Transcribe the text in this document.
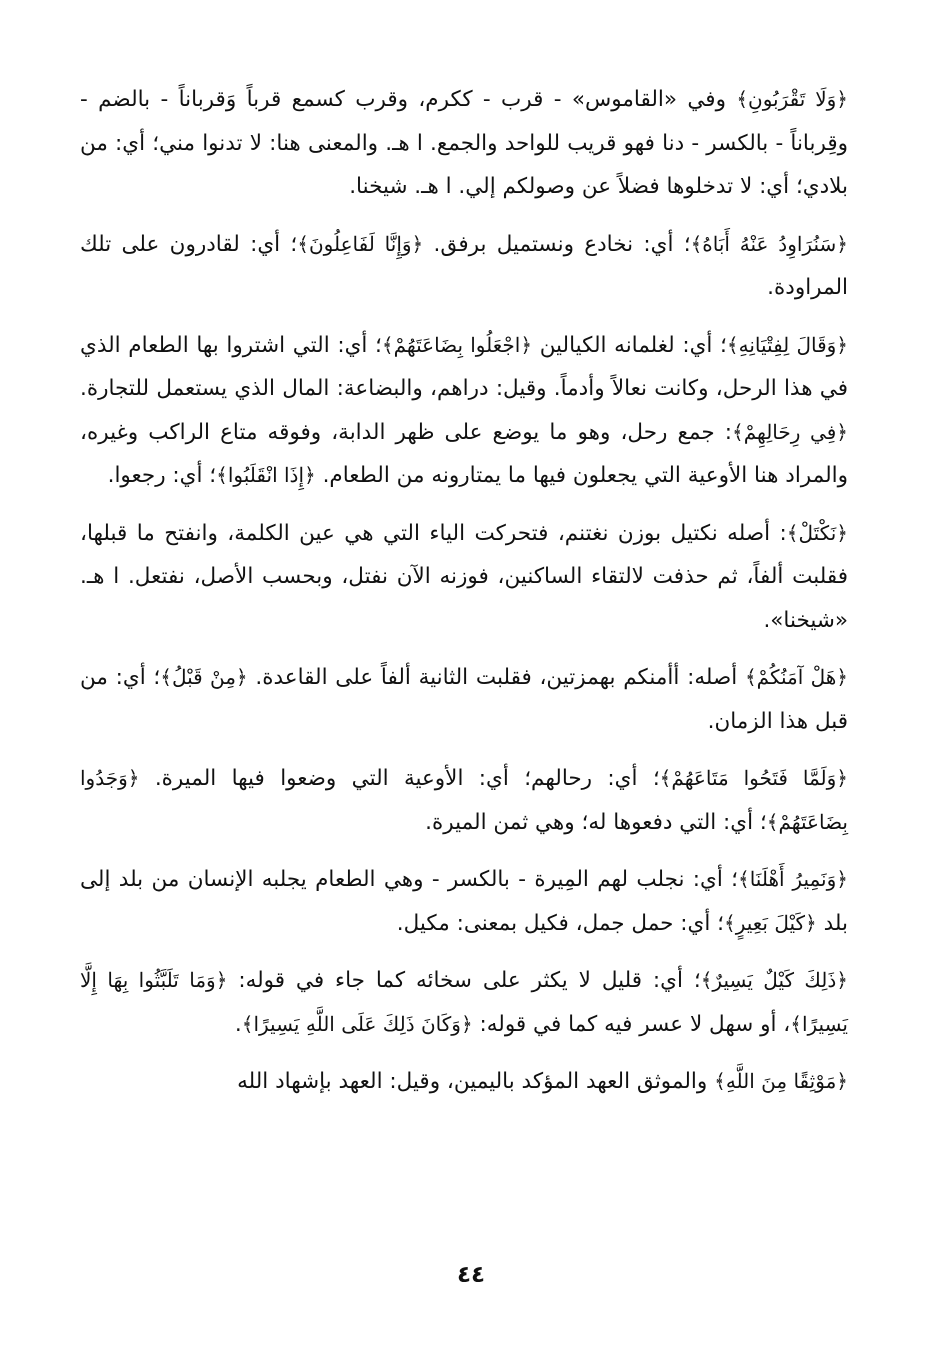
﴿وَلَا تَقْرَبُونِ﴾ وفي «القاموس» - قرب - ككرم، وقرب كسمع قرباً وَقرباناً - بالضم - وقِرباناً - بالكسر - دنا فهو قريب للواحد والجمع. ا هـ. والمعنى هنا: لا تدنوا مني؛ أي: من بلادي؛ أي: لا تدخلوها فضلاً عن وصولكم إلي. ا هـ. شيخنا.

﴿سَنُرَاوِدُ عَنْهُ أَبَاهُ﴾؛ أي: نخادع ونستميل برفق. ﴿وَإِنَّا لَفَاعِلُونَ﴾؛ أي: لقادرون على تلك المراودة.

﴿وَقَالَ لِفِتْيَانِهِ﴾؛ أي: لغلمانه الكيالين ﴿اجْعَلُوا بِضَاعَتَهُمْ﴾؛ أي: التي اشتروا بها الطعام الذي في هذا الرحل، وكانت نعالاً وأدماً. وقيل: دراهم، والبضاعة: المال الذي يستعمل للتجارة. ﴿فِي رِحَالِهِمْ﴾: جمع رحل، وهو ما يوضع على ظهر الدابة، وفوقه متاع الراكب وغيره، والمراد هنا الأوعية التي يجعلون فيها ما يمتارونه من الطعام. ﴿إِذَا انْقَلَبُوا﴾؛ أي: رجعوا.

﴿نَكْتَلْ﴾: أصله نكتيل بوزن نغتنم، فتحركت الياء التي هي عين الكلمة، وانفتح ما قبلها، فقلبت ألفاً، ثم حذفت لالتقاء الساكنين، فوزنه الآن نفتل، وبحسب الأصل، نفتعل. ا هـ. «شيخنا».

﴿هَلْ آمَنُكُمْ﴾ أصله: أأمنكم بهمزتين، فقلبت الثانية ألفاً على القاعدة. ﴿مِنْ قَبْلُ﴾؛ أي: من قبل هذا الزمان.

﴿وَلَمَّا فَتَحُوا مَتَاعَهُمْ﴾؛ أي: رحالهم؛ أي: الأوعية التي وضعوا فيها الميرة. ﴿وَجَدُوا بِضَاعَتَهُمْ﴾؛ أي: التي دفعوها له؛ وهي ثمن الميرة.

﴿وَنَمِيرُ أَهْلَنَا﴾؛ أي: نجلب لهم المِيرة - بالكسر - وهي الطعام يجلبه الإنسان من بلد إلى بلد ﴿كَيْلَ بَعِيرٍ﴾؛ أي: حمل جمل، فكيل بمعنى: مكيل.

﴿ذَلِكَ كَيْلٌ يَسِيرٌ﴾؛ أي: قليل لا يكثر على سخائه كما جاء في قوله: ﴿وَمَا تَلَبَّثُوا بِهَا إِلَّا يَسِيرًا﴾، أو سهل لا عسر فيه كما في قوله: ﴿وَكَانَ ذَلِكَ عَلَى اللَّهِ يَسِيرًا﴾.

﴿مَوْثِقًا مِنَ اللَّهِ﴾ والموثق العهد المؤكد باليمين، وقيل: العهد بإشهاد الله

٤٤
